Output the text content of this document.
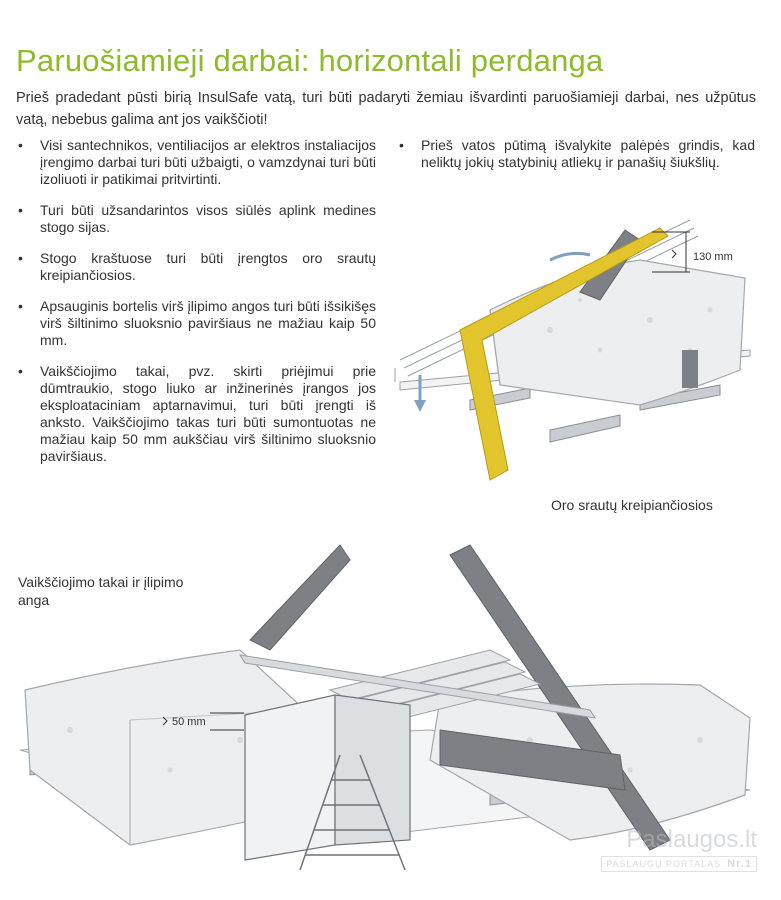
Paruošiamieji darbai: horizontali perdanga

Prieš pradedant pūsti birią InsulSafe vatą, turi būti padaryti žemiau išvardinti paruošiamieji darbai, nes užpūtus vatą, nebebus galima ant jos vaikščioti!

• Visi santechnikos, ventiliacijos ar elektros instaliacijos įrengimo darbai turi būti užbaigti, o vamzdynai turi būti izoliuoti ir patikimai pritvirtinti.
• Turi būti užsandarintos visos siūlės aplink medines stogo sijas.
• Stogo kraštuose turi būti įrengtos oro srautų kreipiančiosios.
• Apsauginis bortelis virš įlipimo angos turi būti išsikišęs virš šiltinimo sluoksnio paviršiaus ne mažiau kaip 50 mm.
• Vaikščiojimo takai, pvz. skirti priėjimui prie dūmtraukio, stogo liuko ar inžinerinės įrangos jos eksploataciniam aptarnavimui, turi būti įrengti iš anksto. Vaikščiojimo takas turi būti sumontuotas ne mažiau kaip 50 mm aukščiau virš šiltinimo sluoksnio paviršiaus.
• Prieš vatos pūtimą išvalykite palėpės grindis, kad neliktų jokių statybinių atliekų ir panašių šiukšlių.
130 mm
Oro srautų kreipiančiosios
Vaikščiojimo takai ir įlipimo anga
50 mm
Paslaugos.lt
PASLAUGŲ PORTALAS Nr.1
